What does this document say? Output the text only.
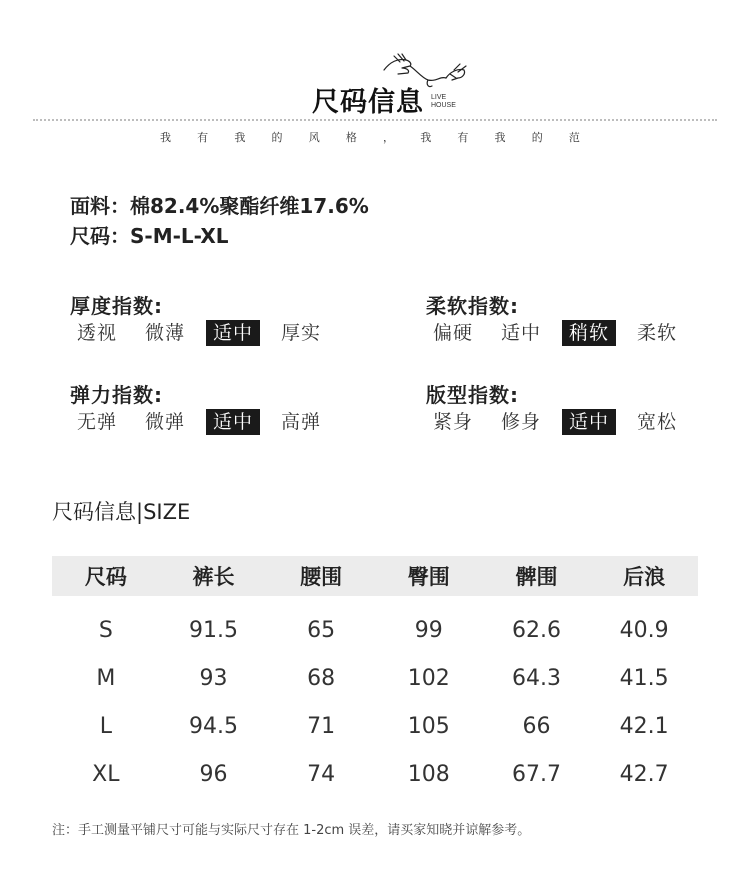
尺码信息 LIVE
HOUSE
我 有 我 的 风 格 ， 我 有 我 的 范
面料：棉82.4%聚酯纤维17.6%
尺码：S-M-L-XL
厚度指数:
透视	微薄	适中	厚实
柔软指数:
偏硬	适中	稍软	柔软
弹力指数:
无弹	微弹	适中	高弹
版型指数:
紧身	修身	适中	宽松
尺码信息|SIZE
尺码	裤长	腰围	臀围	髀围	后浪
S	91.5	65	99	62.6	40.9
M	93	68	102	64.3	41.5
L	94.5	71	105	66	42.1
XL	96	74	108	67.7	42.7
注：手工测量平铺尺寸可能与实际尺寸存在 1-2cm 误差，请买家知晓并谅解参考。
